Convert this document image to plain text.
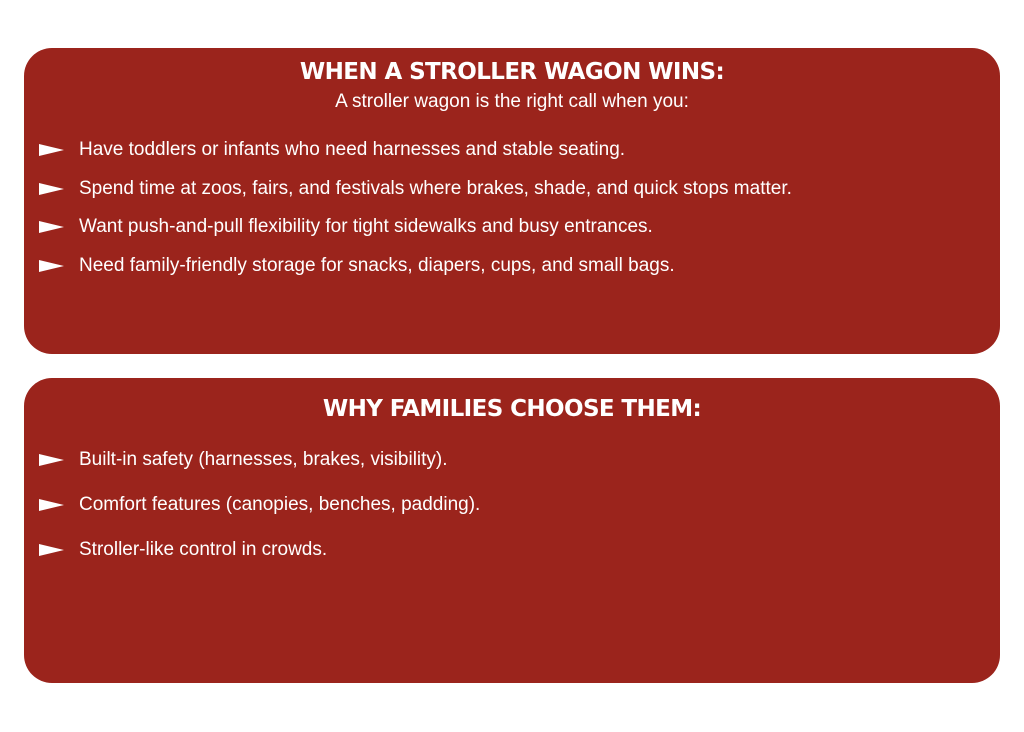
WHEN A STROLLER WAGON WINS:

A stroller wagon is the right call when you:

Have toddlers or infants who need harnesses and stable seating.
Spend time at zoos, fairs, and festivals where brakes, shade, and quick stops matter.
Want push-and-pull flexibility for tight sidewalks and busy entrances.
Need family-friendly storage for snacks, diapers, cups, and small bags.
WHY FAMILIES CHOOSE THEM:
Built-in safety (harnesses, brakes, visibility).
Comfort features (canopies, benches, padding).
Stroller-like control in crowds.
